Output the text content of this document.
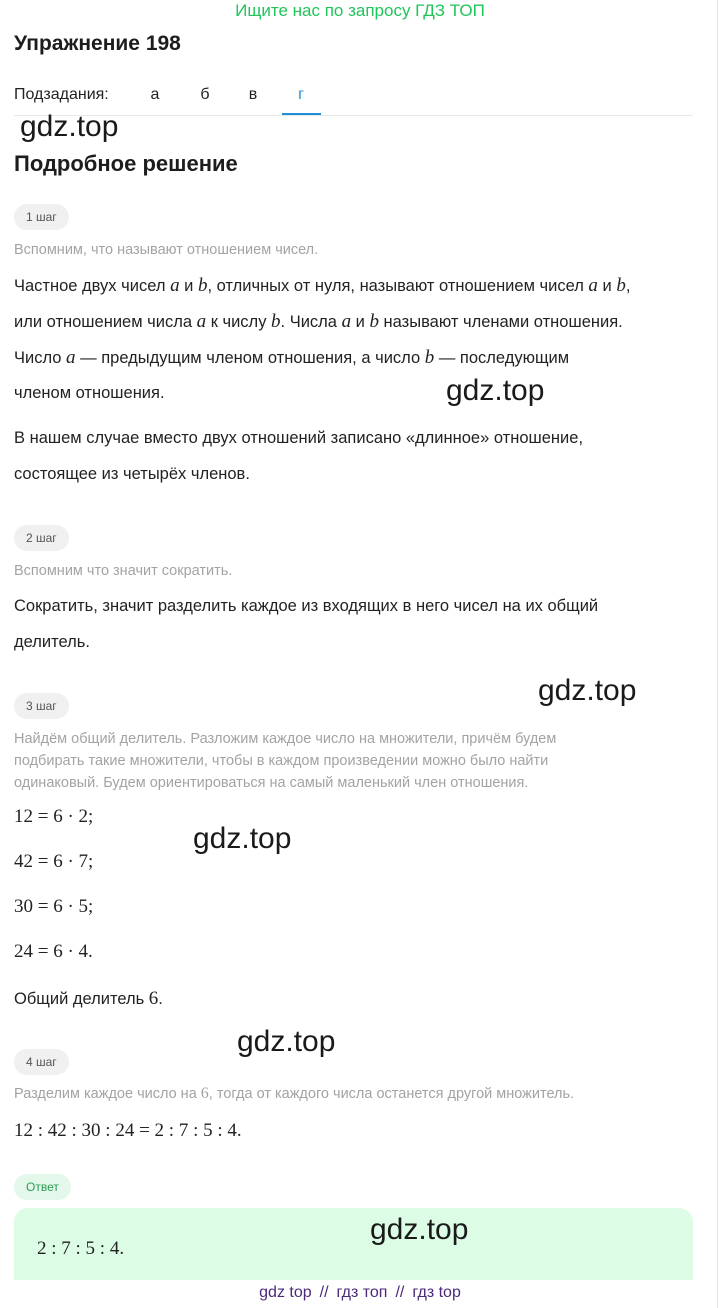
Ищите нас по запросу ГДЗ ТОП
Упражнение 198
Подзадания:	а	б	в	г
gdz.top
Подробное решение
1 шаг
Вспомним, что называют отношением чисел.
Частное двух чисел a и b, отличных от нуля, называют отношением чисел a и b,
или отношением числа a к числу b. Числа a и b называют членами отношения.
Число a — предыдущим членом отношения, а число b — последующим
членом отношения.	gdz.top
В нашем случае вместо двух отношений записано «длинное» отношение,
состоящее из четырёх членов.
2 шаг
Вспомним что значит сократить.
Сократить, значит разделить каждое из входящих в него чисел на их общий
делитель.
gdz.top
3 шаг
Найдём общий делитель. Разложим каждое число на множители, причём будем
подбирать такие множители, чтобы в каждом произведении можно было найти
одинаковый. Будем ориентироваться на самый маленький член отношения.
12 = 6 · 2;
gdz.top
42 = 6 · 7;
30 = 6 · 5;
24 = 6 · 4.
Общий делитель 6.
gdz.top
4 шаг
Разделим каждое число на 6, тогда от каждого числа останется другой множитель.
12 : 42 : 30 : 24 = 2 : 7 : 5 : 4.
Ответ
2 : 7 : 5 : 4.
gdz.top
gdz top // гдз топ // гдз top
